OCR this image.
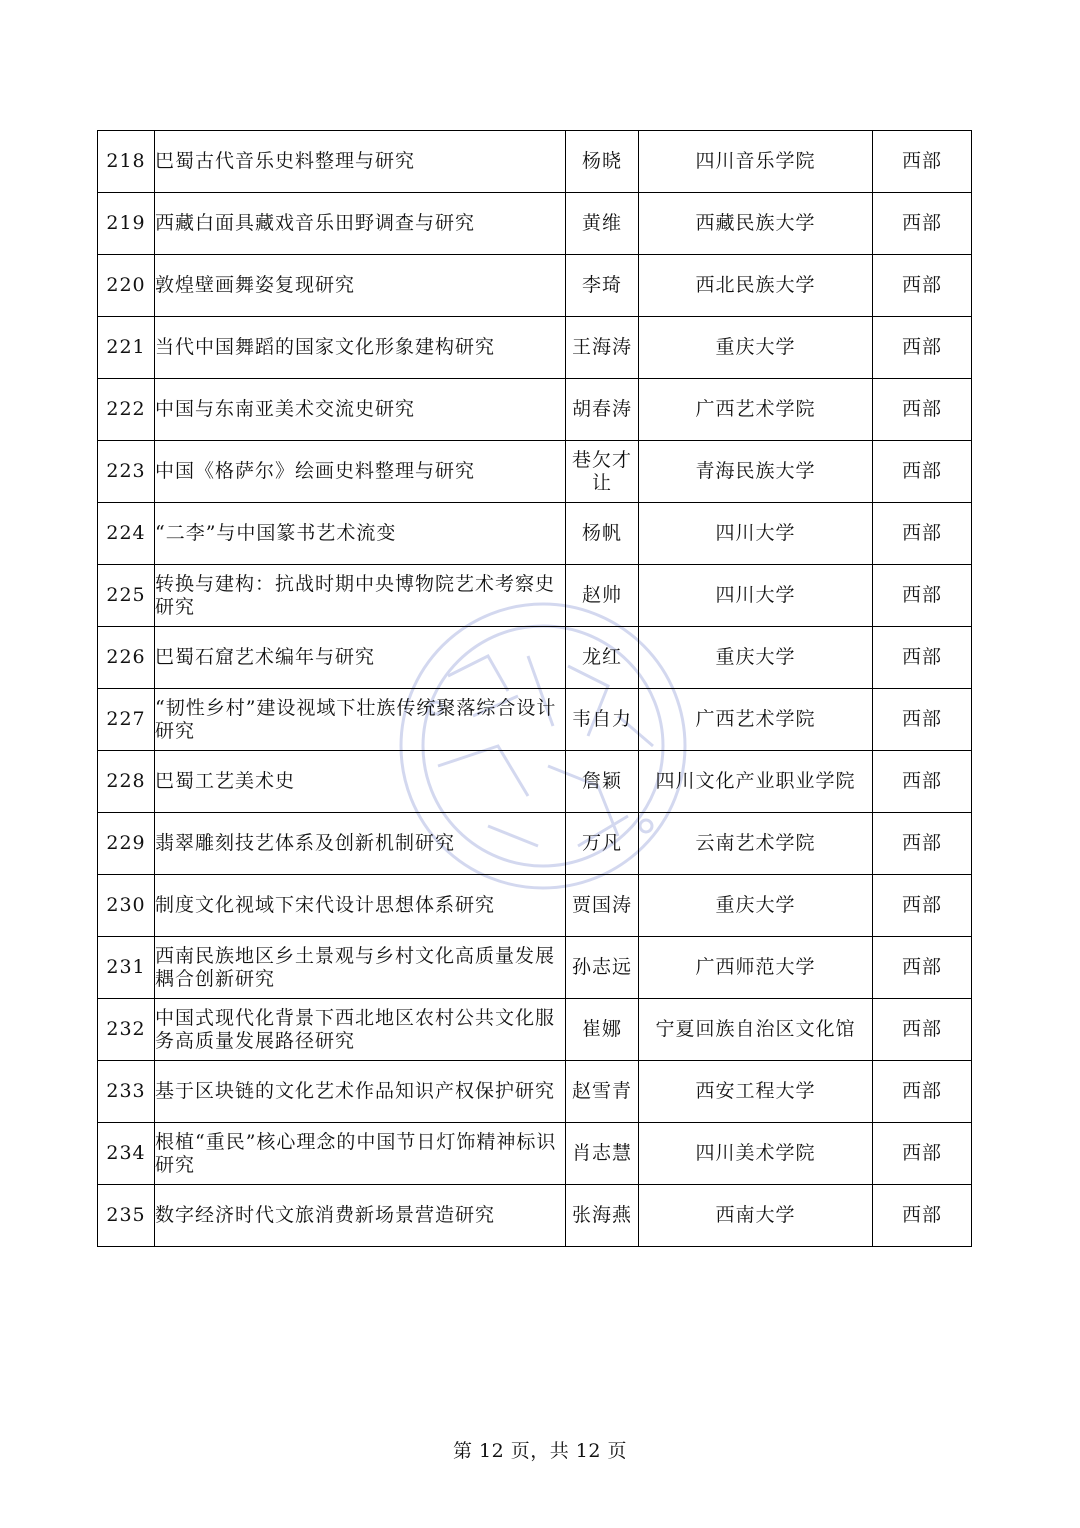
218	巴蜀古代音乐史料整理与研究	杨晓	四川音乐学院	西部
219	西藏白面具藏戏音乐田野调查与研究	黄维	西藏民族大学	西部
220	敦煌壁画舞姿复现研究	李琦	西北民族大学	西部
221	当代中国舞蹈的国家文化形象建构研究	王海涛	重庆大学	西部
222	中国与东南亚美术交流史研究	胡春涛	广西艺术学院	西部
223	中国《格萨尔》绘画史料整理与研究	巷欠才让	青海民族大学	西部
224	“二李”与中国篆书艺术流变	杨帆	四川大学	西部
225	转换与建构：抗战时期中央博物院艺术考察史研究	赵帅	四川大学	西部
226	巴蜀石窟艺术编年与研究	龙红	重庆大学	西部
227	“韧性乡村”建设视域下壮族传统聚落综合设计研究	韦自力	广西艺术学院	西部
228	巴蜀工艺美术史	詹颖	四川文化产业职业学院	西部
229	翡翠雕刻技艺体系及创新机制研究	万凡	云南艺术学院	西部
230	制度文化视域下宋代设计思想体系研究	贾国涛	重庆大学	西部
231	西南民族地区乡土景观与乡村文化高质量发展耦合创新研究	孙志远	广西师范大学	西部
232	中国式现代化背景下西北地区农村公共文化服务高质量发展路径研究	崔娜	宁夏回族自治区文化馆	西部
233	基于区块链的文化艺术作品知识产权保护研究	赵雪青	西安工程大学	西部
234	根植“重民”核心理念的中国节日灯饰精神标识研究	肖志慧	四川美术学院	西部
235	数字经济时代文旅消费新场景营造研究	张海燕	西南大学	西部
第 12 页，共 12 页
